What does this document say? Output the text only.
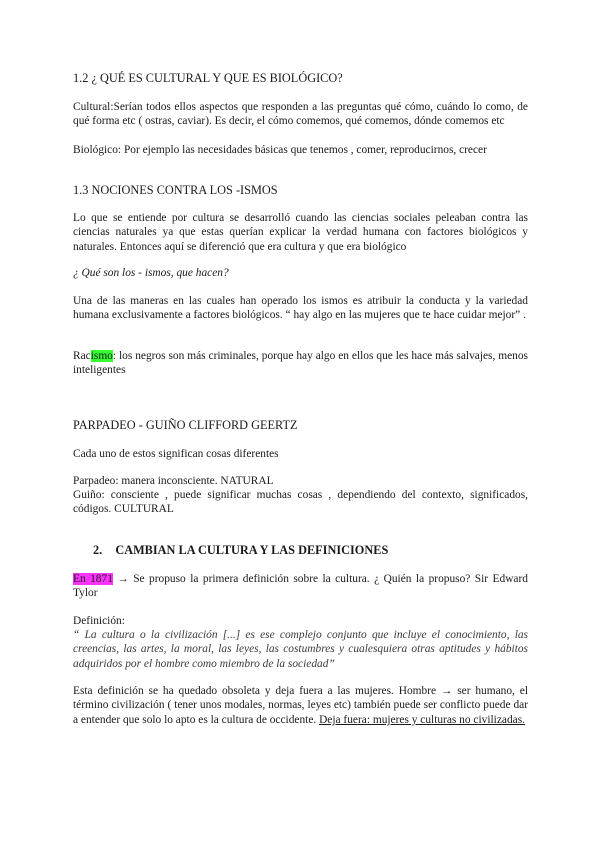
1.2 ¿ QUÉ ES CULTURAL Y QUE ES BIOLÓGICO?

Cultural:Serían todos ellos aspectos que responden a las preguntas qué cómo, cuándo lo como, de qué forma etc ( ostras, caviar). Es decir, el cómo comemos, qué comemos, dónde comemos etc

Biológico: Por ejemplo las necesidades básicas que tenemos , comer, reproducirnos, crecer

1.3 NOCIONES CONTRA LOS -ISMOS

Lo que se entiende por cultura se desarrolló cuando las ciencias sociales peleaban contra las ciencias naturales ya que estas querían explicar la verdad humana con factores biológicos y naturales. Entonces aquí se diferenció que era cultura y que era biológico

¿ Qué son los - ismos, que hacen?

Una de las maneras en las cuales han operado los ismos es atribuir la conducta y la variedad humana exclusivamente a factores biológicos. “ hay algo en las mujeres que te hace cuidar mejor” .

Racismo: los negros son más criminales, porque hay algo en ellos que les hace más salvajes, menos inteligentes

PARPADEO - GUIÑO CLIFFORD GEERTZ

Cada uno de estos significan cosas diferentes

Parpadeo: manera inconsciente. NATURAL

Guiño: consciente , puede significar muchas cosas , dependiendo del contexto, significados, códigos. CULTURAL

2. CAMBIAN LA CULTURA Y LAS DEFINICIONES

En 1871 → Se propuso la primera definición sobre la cultura. ¿ Quién la propuso? Sir Edward Tylor

Definición:

“ La cultura o la civilización [...] es ese complejo conjunto que incluye el conocimiento, las creencias, las artes, la moral, las leyes, las costumbres y cualesquiera otras aptitudes y hábitos adquiridos por el hombre como miembro de la sociedad”

Esta definición se ha quedado obsoleta y deja fuera a las mujeres. Hombre → ser humano, el término civilización ( tener unos modales, normas, leyes etc) también puede ser conflicto puede dar a entender que solo lo apto es la cultura de occidente. Deja fuera: mujeres y culturas no civilizadas.
